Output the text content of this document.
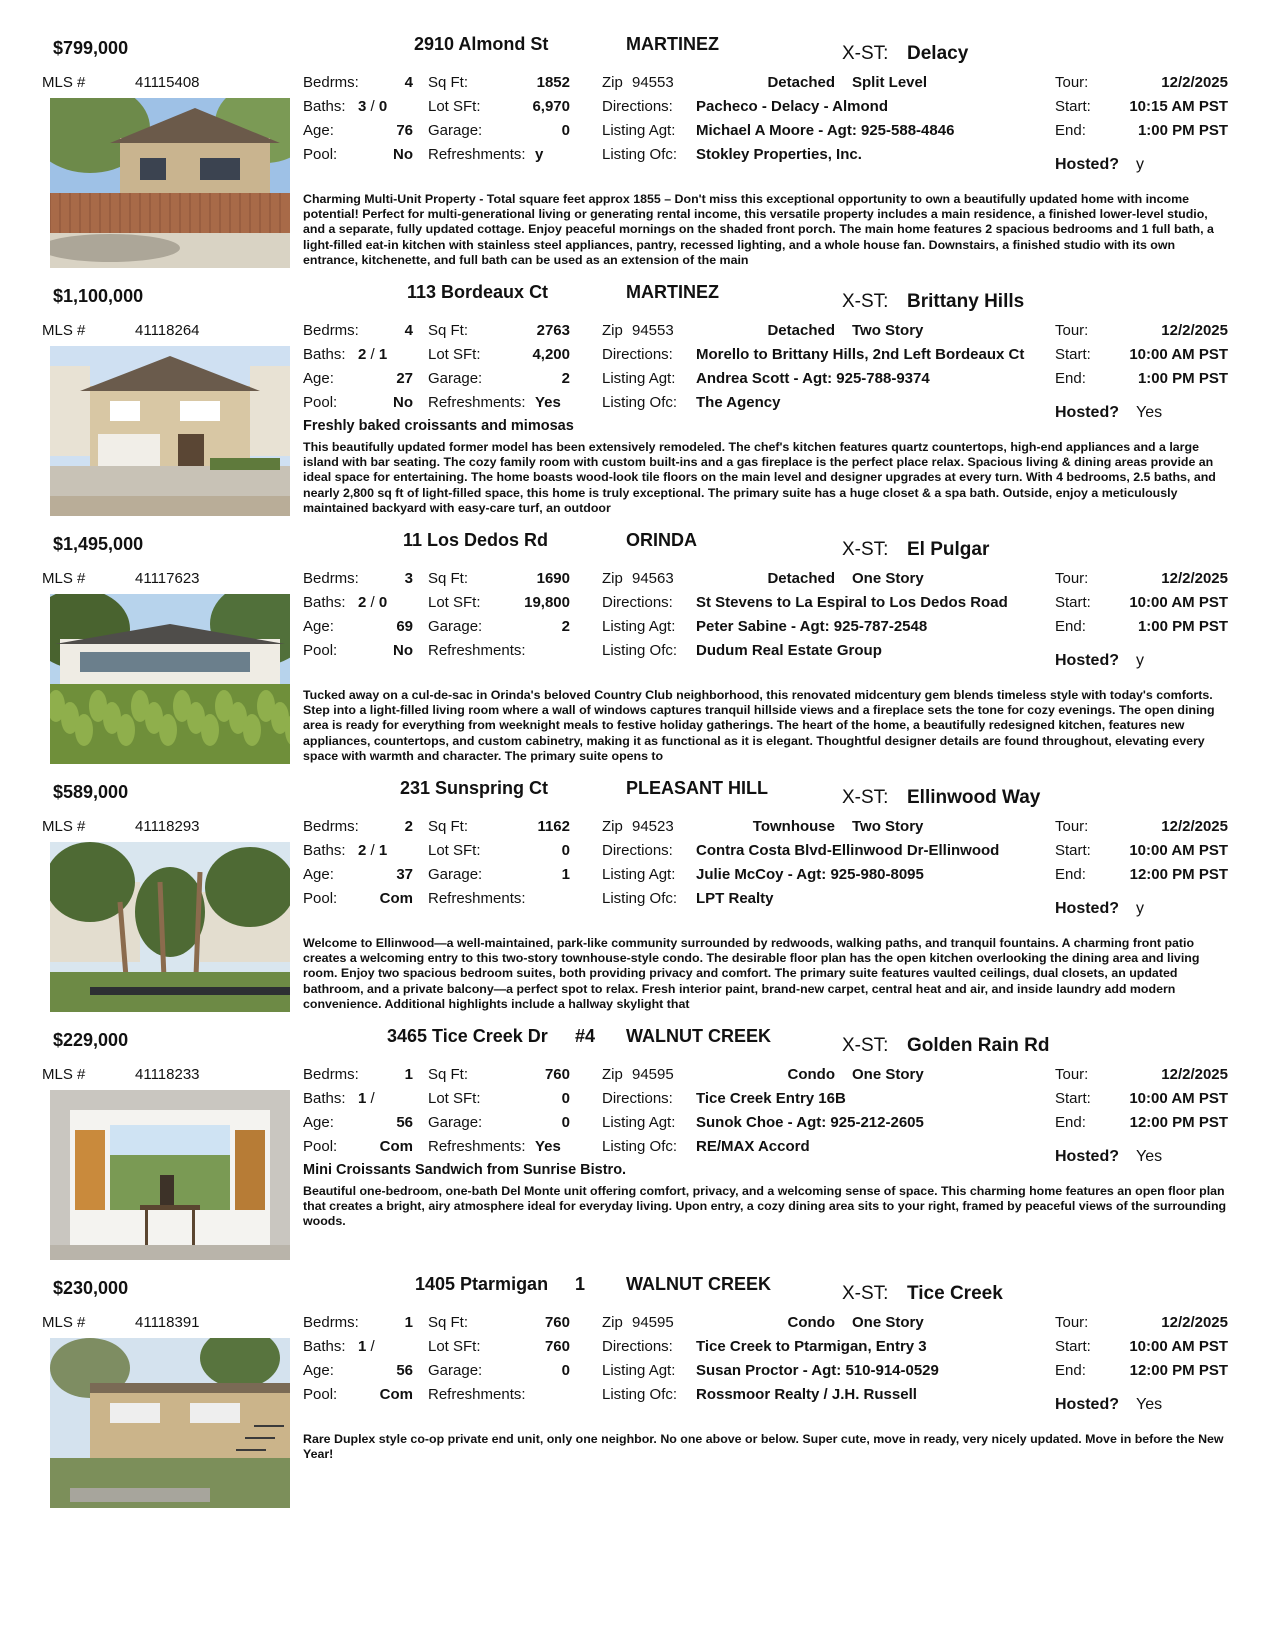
$799,000	2910 Almond St	MARTINEZ	X-ST: Delacy
MLS #	41115408	Bedrms:	4
Baths: 3 / 0
Age:	76
Pool:	No
Sq Ft:	1852
Lot SFt:	6,970
Garage:	0
Refreshments: y
Zip 94553	Detached Split Level
Directions: Pacheco - Delacy - Almond
Listing Agt: Michael A Moore - Agt: 925-588-4846
Listing Ofc: Stokley Properties, Inc.
Tour:	12/2/2025
Start:	10:15 AM PST
End:	1:00 PM PST
Hosted? y
Charming Multi-Unit Property - Total square feet approx 1855 – Don't miss this exceptional opportunity to own a beautifully updated home with income potential! Perfect for multi-generational living or generating rental income, this versatile property includes a main residence, a finished lower-level studio, and a separate, fully updated cottage. Enjoy peaceful mornings on the shaded front porch. The main home features 2 spacious bedrooms and 1 full bath, a light-filled eat-in kitchen with stainless steel appliances, pantry, recessed lighting, and a whole house fan. Downstairs, a finished studio with its own entrance, kitchenette, and full bath can be used as an extension of the main
$1,100,000	113 Bordeaux Ct	MARTINEZ	X-ST: Brittany Hills
MLS #	41118264	Bedrms:	4
Baths: 2 / 1
Age:	27
Pool:	No
Sq Ft:	2763
Lot SFt:	4,200
Garage:	2
Refreshments: Yes
Zip 94553	Detached Two Story
Directions: Morello to Brittany Hills, 2nd Left Bordeaux Ct
Listing Agt: Andrea Scott - Agt: 925-788-9374
Listing Ofc: The Agency
Tour:	12/2/2025
Start:	10:00 AM PST
End:	1:00 PM PST
Hosted? Yes
Freshly baked croissants and mimosas
This beautifully updated former model has been extensively remodeled. The chef's kitchen features quartz countertops, high-end appliances and a large island with bar seating. The cozy family room with custom built-ins and a gas fireplace is the perfect place relax. Spacious living & dining areas provide an ideal space for entertaining. The home boasts wood-look tile floors on the main level and designer upgrades at every turn. With 4 bedrooms, 2.5 baths, and nearly 2,800 sq ft of light-filled space, this home is truly exceptional. The primary suite has a huge closet & a spa bath. Outside, enjoy a meticulously maintained backyard with easy-care turf, an outdoor
$1,495,000	11 Los Dedos Rd	ORINDA	X-ST: El Pulgar
MLS #	41117623	Bedrms:	3
Baths: 2 / 0
Age:	69
Pool:	No
Sq Ft:	1690
Lot SFt:	19,800
Garage:	2
Refreshments:
Zip 94563	Detached One Story
Directions: St Stevens to La Espiral to Los Dedos Road
Listing Agt: Peter Sabine - Agt: 925-787-2548
Listing Ofc: Dudum Real Estate Group
Tour:	12/2/2025
Start:	10:00 AM PST
End:	1:00 PM PST
Hosted? y
Tucked away on a cul-de-sac in Orinda's beloved Country Club neighborhood, this renovated midcentury gem blends timeless style with today's comforts. Step into a light-filled living room where a wall of windows captures tranquil hillside views and a fireplace sets the tone for cozy evenings. The open dining area is ready for everything from weeknight meals to festive holiday gatherings. The heart of the home, a beautifully redesigned kitchen, features new appliances, countertops, and custom cabinetry, making it as functional as it is elegant. Thoughtful designer details are found throughout, elevating every space with warmth and character. The primary suite opens to
$589,000	231 Sunspring Ct	PLEASANT HILL	X-ST: Ellinwood Way
MLS #	41118293	Bedrms:	2
Baths: 2 / 1
Age:	37
Pool:	Com
Sq Ft:	1162
Lot SFt:	0
Garage:	1
Refreshments:
Zip 94523	Townhouse Two Story
Directions: Contra Costa Blvd-Ellinwood Dr-Ellinwood
Listing Agt: Julie McCoy - Agt: 925-980-8095
Listing Ofc: LPT Realty
Tour:	12/2/2025
Start:	10:00 AM PST
End:	12:00 PM PST
Hosted? y
Welcome to Ellinwood—a well-maintained, park-like community surrounded by redwoods, walking paths, and tranquil fountains. A charming front patio creates a welcoming entry to this two-story townhouse-style condo. The desirable floor plan has the open kitchen overlooking the dining area and living room. Enjoy two spacious bedroom suites, both providing privacy and comfort. The primary suite features vaulted ceilings, dual closets, an updated bathroom, and a private balcony—a perfect spot to relax. Fresh interior paint, brand-new carpet, central heat and air, and inside laundry add modern convenience. Additional highlights include a hallway skylight that
$229,000	3465 Tice Creek Dr #4 WALNUT CREEK	X-ST: Golden Rain Rd
MLS #	41118233	Bedrms:	1
Baths: 1 /
Age:	56
Pool:	Com
Sq Ft:	760
Lot SFt:	0
Garage:	0
Refreshments: Yes
Zip 94595	Condo One Story
Directions: Tice Creek Entry 16B
Listing Agt: Sunok Choe - Agt: 925-212-2605
Listing Ofc: RE/MAX Accord
Tour:	12/2/2025
Start:	10:00 AM PST
End:	12:00 PM PST
Hosted? Yes
Mini Croissants Sandwich from Sunrise Bistro.
Beautiful one-bedroom, one-bath Del Monte unit offering comfort, privacy, and a welcoming sense of space. This charming home features an open floor plan that creates a bright, airy atmosphere ideal for everyday living. Upon entry, a cozy dining area sits to your right, framed by peaceful views of the surrounding woods.
$230,000	1405 Ptarmigan 1 WALNUT CREEK	X-ST: Tice Creek
MLS #	41118391	Bedrms:	1
Baths: 1 /
Age:	56
Pool:	Com
Sq Ft:	760
Lot SFt:	760
Garage:	0
Refreshments:
Zip 94595	Condo One Story
Directions: Tice Creek to Ptarmigan, Entry 3
Listing Agt: Susan Proctor - Agt: 510-914-0529
Listing Ofc: Rossmoor Realty / J.H. Russell
Tour:	12/2/2025
Start:	10:00 AM PST
End:	12:00 PM PST
Hosted? Yes
Rare Duplex style co-op private end unit, only one neighbor. No one above or below. Super cute, move in ready, very nicely updated. Move in before the New Year!
